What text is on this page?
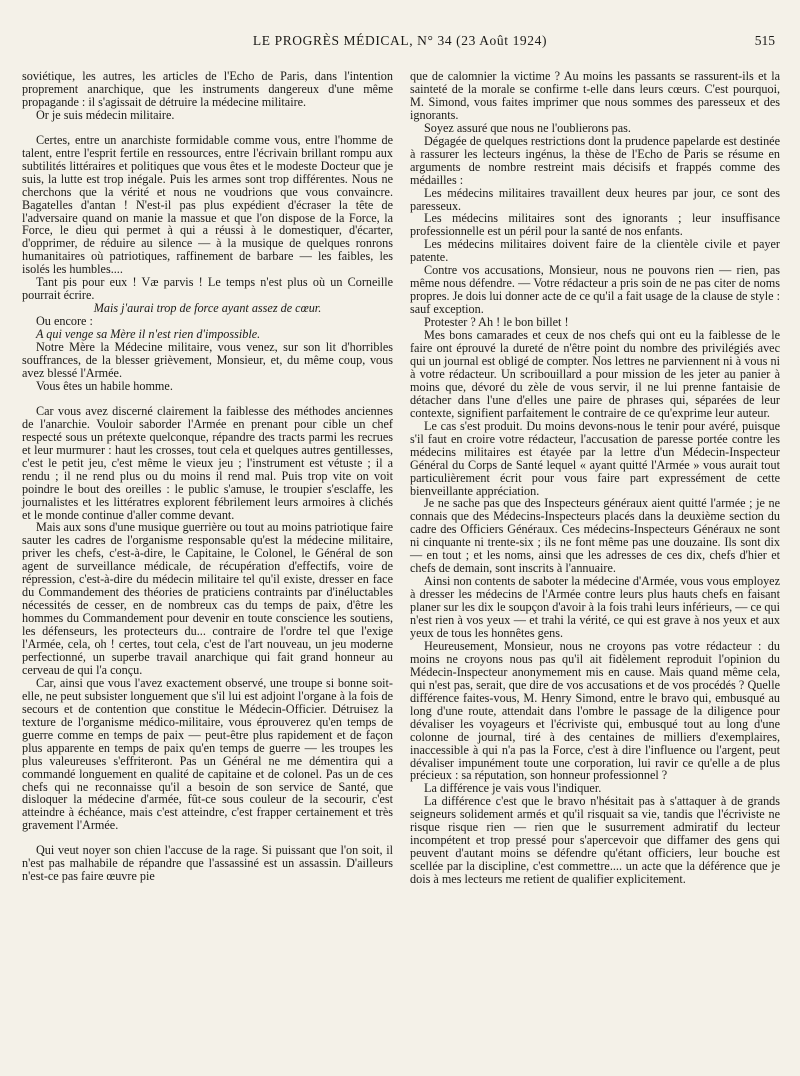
LE PROGRÈS MÉDICAL, N° 34 (23 Août 1924)	515

soviétique, les autres, les articles de l'Echo de Paris, dans l'intention proprement anarchique, que les instruments dangereux d'une même propagande : il s'agissait de détruire la médecine militaire.

Or je suis médecin militaire.

Certes, entre un anarchiste formidable comme vous, entre l'homme de talent, entre l'esprit fertile en ressources, entre l'écrivain brillant rompu aux subtilités littéraires et politiques que vous êtes et le modeste Docteur que je suis, la lutte est trop inégale. Puis les armes sont trop différentes. Nous ne cherchons que la vérité et nous ne voudrions que vous convaincre. Bagatelles d'antan ! N'est-il pas plus expédient d'écraser la tête de l'adversaire quand on manie la massue et que l'on dispose de la Force, la Force, le dieu qui permet à qui a réussi à le domestiquer, d'écarter, d'opprimer, de réduire au silence — à la musique de quelques ronrons humanitaires où patriotiques, raffinement de barbare — les faibles, les isolés les humbles....

Tant pis pour eux ! Væ parvis ! Le temps n'est plus où un Corneille pourrait écrire.

Mais j'aurai trop de force ayant assez de cœur.

Ou encore :

A qui venge sa Mère il n'est rien d'impossible.

Notre Mère la Médecine militaire, vous venez, sur son lit d'horribles souffrances, de la blesser grièvement, Monsieur, et, du même coup, vous avez blessé l'Armée.

Vous êtes un habile homme.

Car vous avez discerné clairement la faiblesse des méthodes anciennes de l'anarchie. Vouloir saborder l'Armée en prenant pour cible un chef respecté sous un prétexte quelconque, répandre des tracts parmi les recrues et leur murmurer : haut les crosses, tout cela et quelques autres gentillesses, c'est le petit jeu, c'est même le vieux jeu ; l'instrument est vétuste ; il a rendu ; il ne rend plus ou du moins il rend mal. Puis trop vite on voit poindre le bout des oreilles : le public s'amuse, le troupier s'esclaffe, les journalistes et les littératres explorent fébrilement leurs armoires à clichés et le monde continue d'aller comme devant.

Mais aux sons d'une musique guerrière ou tout au moins patriotique faire sauter les cadres de l'organisme responsable qu'est la médecine militaire, priver les chefs, c'est-à-dire, le Capitaine, le Colonel, le Général de son agent de surveillance médicale, de récupération d'effectifs, voire de répression, c'est-à-dire du médecin militaire tel qu'il existe, dresser en face du Commandement des théories de praticiens contraints par d'inéluctables nécessités de cesser, en de nombreux cas du temps de paix, d'être les hommes du Commandement pour devenir en toute conscience les soutiens, les défenseurs, les protecteurs du... contraire de l'ordre tel que l'exige l'Armée, cela, oh ! certes, tout cela, c'est de l'art nouveau, un jeu moderne perfectionné, un superbe travail anarchique qui fait grand honneur au cerveau de qui l'a conçu.

Car, ainsi que vous l'avez exactement observé, une troupe si bonne soit-elle, ne peut subsister longuement que s'il lui est adjoint l'organe à la fois de secours et de contention que constitue le Médecin-Officier. Détruisez la texture de l'organisme médico-militaire, vous éprouverez qu'en temps de guerre comme en temps de paix — peut-être plus rapidement et de façon plus apparente en temps de paix qu'en temps de guerre — les troupes les plus valeureuses s'effriteront. Pas un Général ne me démentira qui a commandé longuement en qualité de capitaine et de colonel. Pas un de ces chefs qui ne reconnaisse qu'il a besoin de son service de Santé, que disloquer la médecine d'armée, fût-ce sous couleur de la secourir, c'est atteindre à échéance, mais c'est atteindre, c'est frapper certainement et très gravement l'Armée.

Qui veut noyer son chien l'accuse de la rage. Si puissant que l'on soit, il n'est pas malhabile de répandre que l'assassiné est un assassin. D'ailleurs n'est-ce pas faire œuvre pie

que de calomnier la victime ? Au moins les passants se rassurent-ils et la sainteté de la morale se confirme t-elle dans leurs cœurs. C'est pourquoi, M. Simond, vous faites imprimer que nous sommes des paresseux et des ignorants.

Soyez assuré que nous ne l'oublierons pas.

Dégagée de quelques restrictions dont la prudence papelarde est destinée à rassurer les lecteurs ingénus, la thèse de l'Echo de Paris se résume en arguments de nombre restreint mais décisifs et frappés comme des médailles :

Les médecins militaires travaillent deux heures par jour, ce sont des paresseux.

Les médecins militaires sont des ignorants ; leur insuffisance professionnelle est un péril pour la santé de nos enfants.

Les médecins militaires doivent faire de la clientèle civile et payer patente.

Contre vos accusations, Monsieur, nous ne pouvons rien — rien, pas même nous défendre. — Votre rédacteur a pris soin de ne pas citer de noms propres. Je dois lui donner acte de ce qu'il a fait usage de la clause de style : sauf exception.

Protester ? Ah ! le bon billet !

Mes bons camarades et ceux de nos chefs qui ont eu la faiblesse de le faire ont éprouvé la dureté de n'être point du nombre des privilégiés avec qui un journal est obligé de compter. Nos lettres ne parviennent ni à vous ni à votre rédacteur. Un scribouillard a pour mission de les jeter au panier à moins que, dévoré du zèle de vous servir, il ne lui prenne fantaisie de détacher dans l'une d'elles une paire de phrases qui, séparées de leur contexte, signifient parfaitement le contraire de ce qu'exprime leur auteur.

Le cas s'est produit. Du moins devons-nous le tenir pour avéré, puisque s'il faut en croire votre rédacteur, l'accusation de paresse portée contre les médecins militaires est étayée par la lettre d'un Médecin-Inspecteur Général du Corps de Santé lequel « ayant quitté l'Armée » vous aurait tout particulièrement écrit pour vous faire part expressément de cette bienveillante appréciation.

Je ne sache pas que des Inspecteurs généraux aient quitté l'armée ; je ne connais que des Médecins-Inspecteurs placés dans la deuxième section du cadre des Officiers Généraux. Ces médecins-Inspecteurs Généraux ne sont ni cinquante ni trente-six ; ils ne font même pas une douzaine. Ils sont dix — en tout ; et les noms, ainsi que les adresses de ces dix, chefs d'hier et chefs de demain, sont inscrits à l'annuaire.

Ainsi non contents de saboter la médecine d'Armée, vous vous employez à dresser les médecins de l'Armée contre leurs plus hauts chefs en faisant planer sur les dix le soupçon d'avoir à la fois trahi leurs inférieurs, — ce qui n'est rien à vos yeux — et trahi la vérité, ce qui est grave à nos yeux et aux yeux de tous les honnêtes gens.

Heureusement, Monsieur, nous ne croyons pas votre rédacteur : du moins ne croyons nous pas qu'il ait fidèlement reproduit l'opinion du Médecin-Inspecteur anonymement mis en cause. Mais quand même cela, qui n'est pas, serait, que dire de vos accusations et de vos procédés ? Quelle différence faites-vous, M. Henry Simond, entre le bravo qui, embusqué au long d'une route, attendait dans l'ombre le passage de la diligence pour dévaliser les voyageurs et l'écriviste qui, embusqué tout au long d'une colonne de journal, tiré à des centaines de milliers d'exemplaires, inaccessible à qui n'a pas la Force, c'est à dire l'influence ou l'argent, peut dévaliser impunément toute une corporation, lui ravir ce qu'elle a de plus précieux : sa réputation, son honneur professionnel ?

La différence je vais vous l'indiquer.

La différence c'est que le bravo n'hésitait pas à s'attaquer à de grands seigneurs solidement armés et qu'il risquait sa vie, tandis que l'écriviste ne risque risque rien — rien que le susurrement admiratif du lecteur incompétent et trop pressé pour s'apercevoir que diffamer des gens qui peuvent d'autant moins se défendre qu'étant officiers, leur bouche est scellée par la discipline, c'est commettre.... un acte que la déférence que je dois à mes lecteurs me retient de qualifier explicitement.
